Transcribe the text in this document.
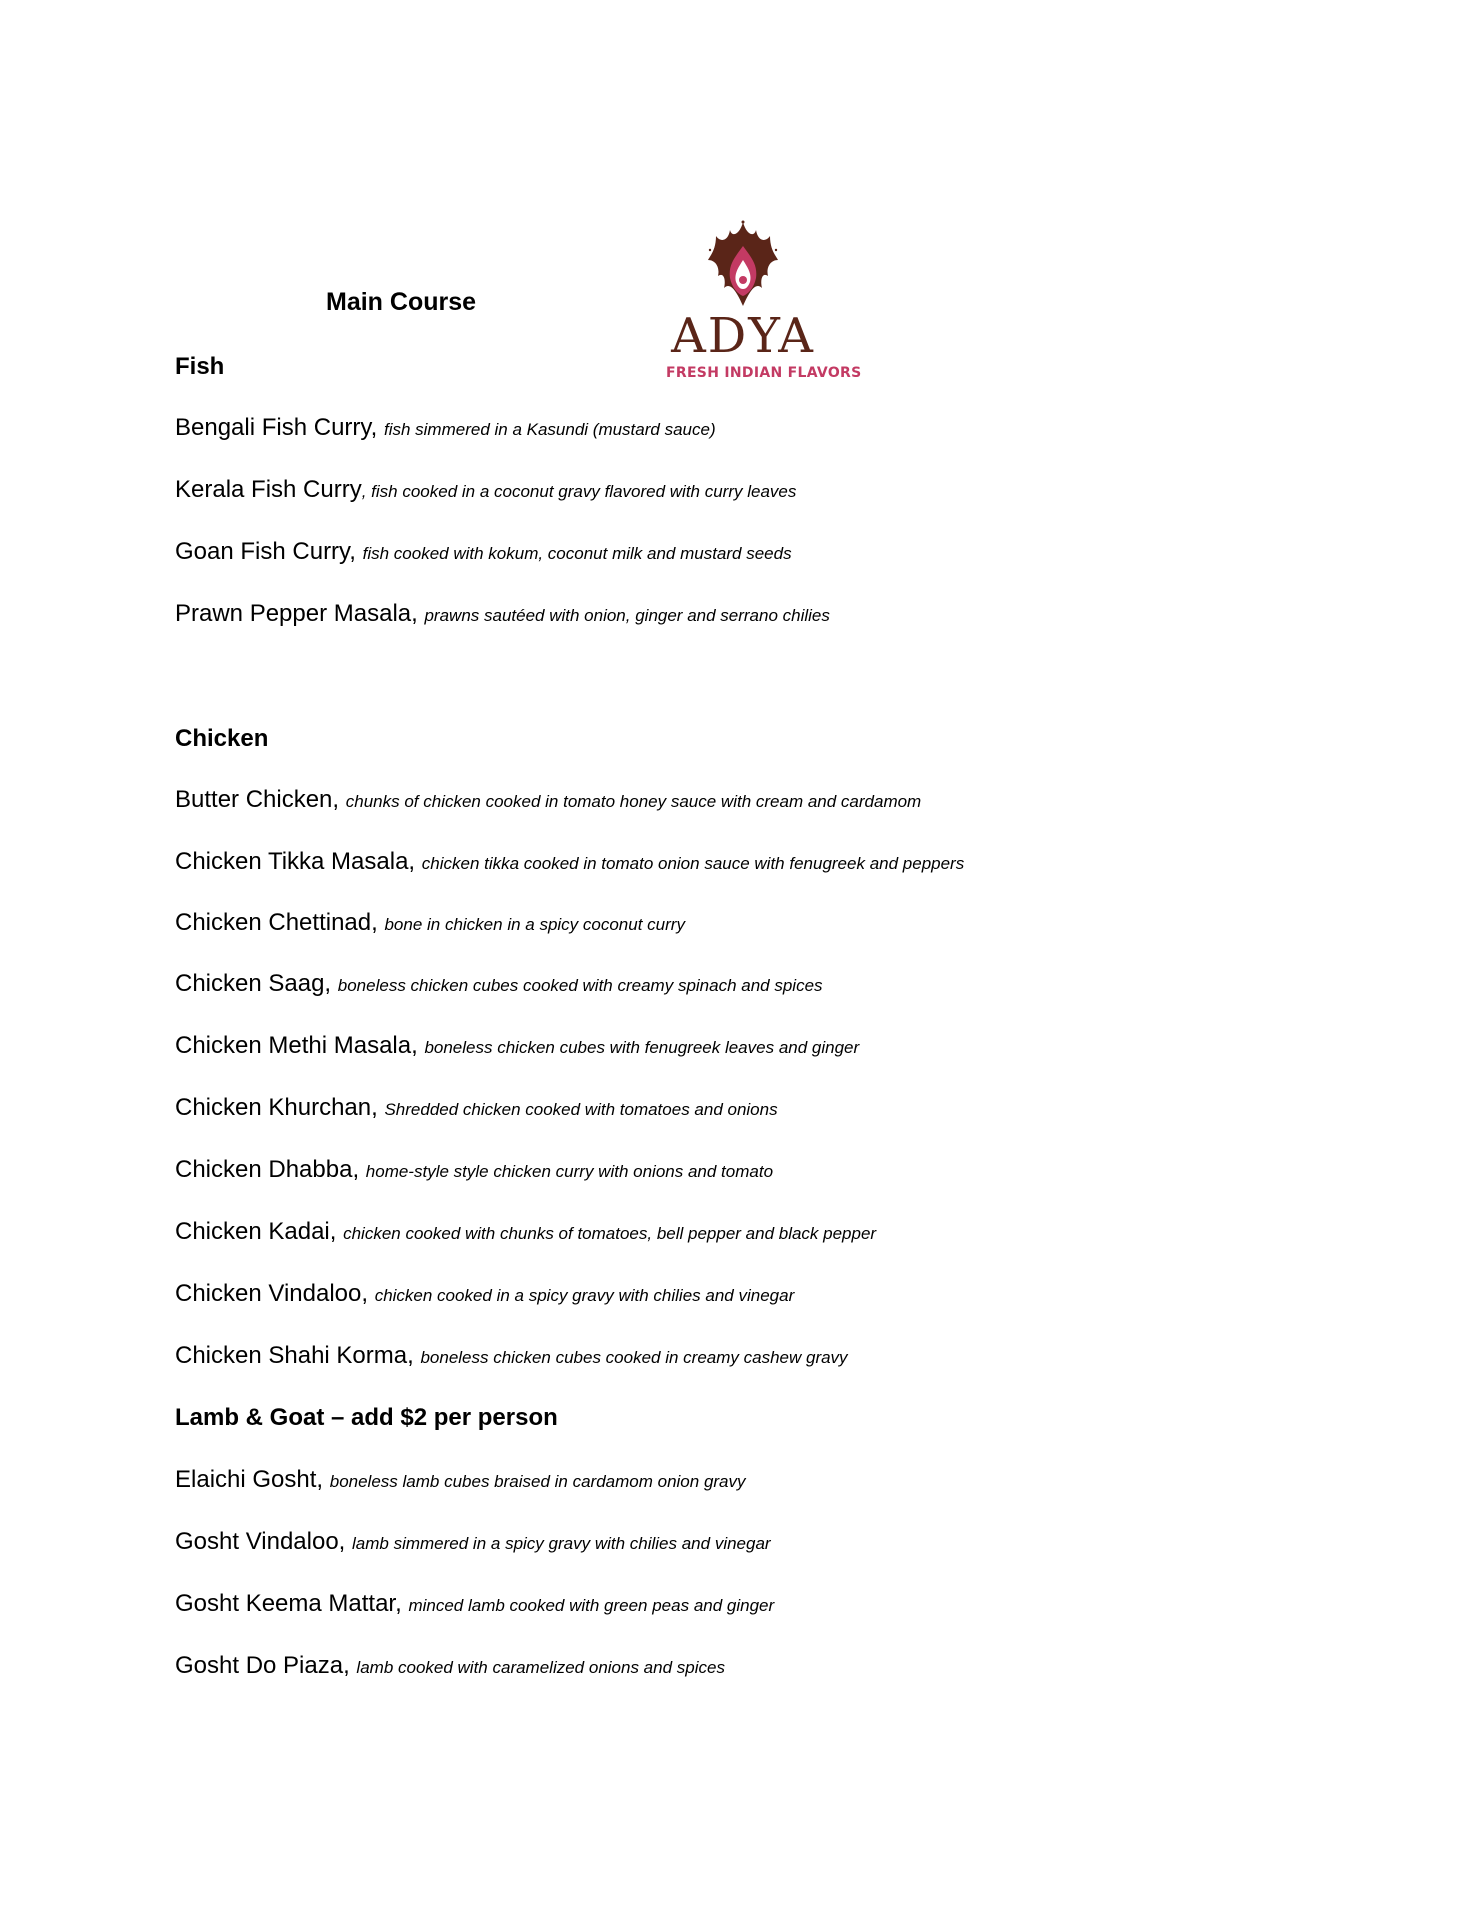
Main Course
ADYA
FRESH INDIAN FLAVORS
Fish
Bengali Fish Curry, fish simmered in a Kasundi (mustard sauce)
Kerala Fish Curry, fish cooked in a coconut gravy flavored with curry leaves
Goan Fish Curry, fish cooked with kokum, coconut milk and mustard seeds
Prawn Pepper Masala, prawns sautéed with onion, ginger and serrano chilies
Chicken
Butter Chicken, chunks of chicken cooked in tomato honey sauce with cream and cardamom
Chicken Tikka Masala, chicken tikka cooked in tomato onion sauce with fenugreek and peppers
Chicken Chettinad, bone in chicken in a spicy coconut curry
Chicken Saag, boneless chicken cubes cooked with creamy spinach and spices
Chicken Methi Masala, boneless chicken cubes with fenugreek leaves and ginger
Chicken Khurchan, Shredded chicken cooked with tomatoes and onions
Chicken Dhabba, home-style style chicken curry with onions and tomato
Chicken Kadai, chicken cooked with chunks of tomatoes, bell pepper and black pepper
Chicken Vindaloo, chicken cooked in a spicy gravy with chilies and vinegar
Chicken Shahi Korma, boneless chicken cubes cooked in creamy cashew gravy
Lamb & Goat – add $2 per person
Elaichi Gosht, boneless lamb cubes braised in cardamom onion gravy
Gosht Vindaloo, lamb simmered in a spicy gravy with chilies and vinegar
Gosht Keema Mattar, minced lamb cooked with green peas and ginger
Gosht Do Piaza, lamb cooked with caramelized onions and spices
